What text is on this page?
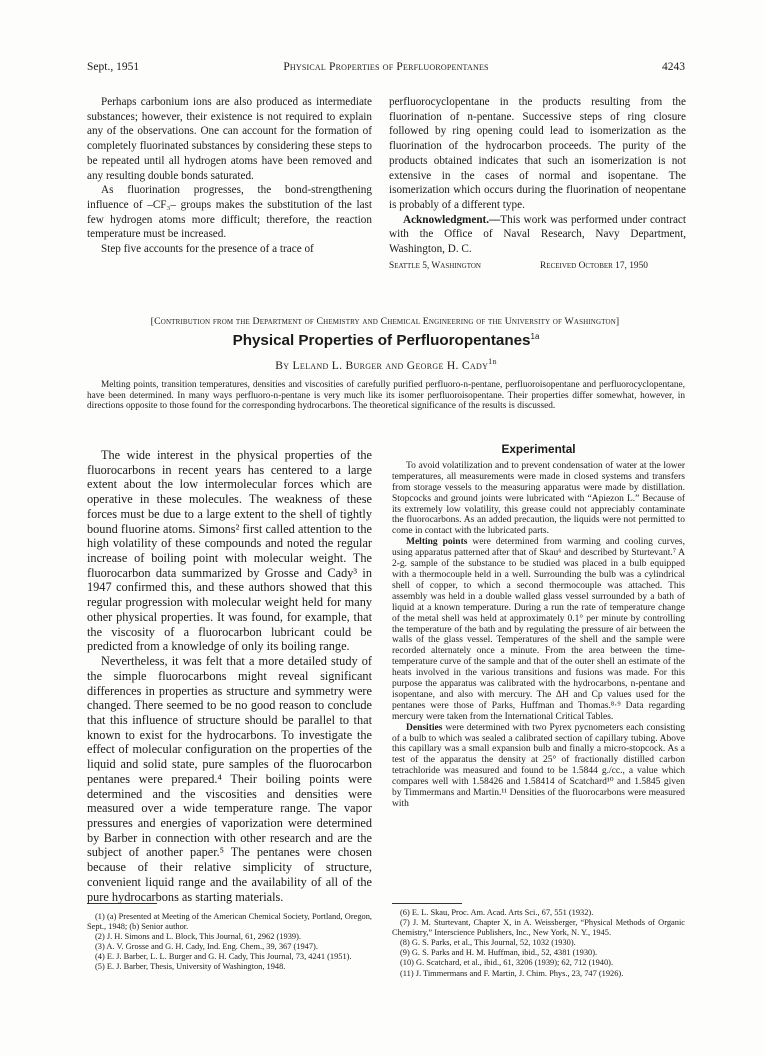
Sept., 1951	Physical Properties of Perfluoropentanes	4243

Perhaps carbonium ions are also produced as intermediate substances; however, their existence is not required to explain any of the observations. One can account for the formation of completely fluorinated substances by considering these steps to be repeated until all hydrogen atoms have been removed and any resulting double bonds saturated.

As fluorination progresses, the bond-strengthening influence of –CF₃– groups makes the substitution of the last few hydrogen atoms more difficult; therefore, the reaction temperature must be increased.

Step five accounts for the presence of a trace of

perfluorocyclopentane in the products resulting from the fluorination of n-pentane. Successive steps of ring closure followed by ring opening could lead to isomerization as the fluorination of the hydrocarbon proceeds. The purity of the products obtained indicates that such an isomerization is not extensive in the cases of normal and isopentane. The isomerization which occurs during the fluorination of neopentane is probably of a different type.

Acknowledgment.—This work was performed under contract with the Office of Naval Research, Navy Department, Washington, D. C.

Seattle 5, Washington	Received October 17, 1950
[Contribution from the Department of Chemistry and Chemical Engineering of the University of Washington]
Physical Properties of Perfluoropentanes$^{1a}$
By Leland L. Burger and George H. Cady$^{1b}$
Melting points, transition temperatures, densities and viscosities of carefully purified perfluoro-n-pentane, perfluoroisopentane and perfluorocyclopentane, have been determined. In many ways perfluoro-n-pentane is very much like its isomer perfluoroisopentane. Their properties differ somewhat, however, in directions opposite to those found for the corresponding hydrocarbons. The theoretical significance of the results is discussed.

The wide interest in the physical properties of the fluorocarbons in recent years has centered to a large extent about the low intermolecular forces which are operative in these molecules. The weakness of these forces must be due to a large extent to the shell of tightly bound fluorine atoms. Simons² first called attention to the high volatility of these compounds and noted the regular increase of boiling point with molecular weight. The fluorocarbon data summarized by Grosse and Cady³ in 1947 confirmed this, and these authors showed that this regular progression with molecular weight held for many other physical properties. It was found, for example, that the viscosity of a fluorocarbon lubricant could be predicted from a knowledge of only its boiling range.

Nevertheless, it was felt that a more detailed study of the simple fluorocarbons might reveal significant differences in properties as structure and symmetry were changed. There seemed to be no good reason to conclude that this influence of structure should be parallel to that known to exist for the hydrocarbons. To investigate the effect of molecular configuration on the properties of the liquid and solid state, pure samples of the fluorocarbon pentanes were prepared.⁴ Their boiling points were determined and the viscosities and densities were measured over a wide temperature range. The vapor pressures and energies of vaporization were determined by Barber in connection with other research and are the subject of another paper.⁵ The pentanes were chosen because of their relative simplicity of structure, convenient liquid range and the availability of all of the pure hydrocarbons as starting materials.

Experimental

To avoid volatilization and to prevent condensation of water at the lower temperatures, all measurements were made in closed systems and transfers from storage vessels to the measuring apparatus were made by distillation. Stopcocks and ground joints were lubricated with “Apiezon L.” Because of its extremely low volatility, this grease could not appreciably contaminate the fluorocarbons. As an added precaution, the liquids were not permitted to come in contact with the lubricated parts.

Melting points were determined from warming and cooling curves, using apparatus patterned after that of Skau⁶ and described by Sturtevant.⁷ A 2-g. sample of the substance to be studied was placed in a bulb equipped with a thermocouple held in a well. Surrounding the bulb was a cylindrical shell of copper, to which a second thermocouple was attached. This assembly was held in a double walled glass vessel surrounded by a bath of liquid at a known temperature. During a run the rate of temperature change of the metal shell was held at approximately 0.1° per minute by controlling the temperature of the bath and by regulating the pressure of air between the walls of the glass vessel. Temperatures of the shell and the sample were recorded alternately once a minute. From the area between the time-temperature curve of the sample and that of the outer shell an estimate of the heats involved in the various transitions and fusions was made. For this purpose the apparatus was calibrated with the hydrocarbons, n-pentane and isopentane, and also with mercury. The ΔH and Cp values used for the pentanes were those of Parks, Huffman and Thomas.⁸·⁹ Data regarding mercury were taken from the International Critical Tables.

Densities were determined with two Pyrex pycnometers each consisting of a bulb to which was sealed a calibrated section of capillary tubing. Above this capillary was a small expansion bulb and finally a micro-stopcock. As a test of the apparatus the density at 25° of fractionally distilled carbon tetrachloride was measured and found to be 1.5844 g./cc., a value which compares well with 1.58426 and 1.58414 of Scatchard¹⁰ and 1.5845 given by Timmermans and Martin.¹¹ Densities of the fluorocarbons were measured with

(1) (a) Presented at Meeting of the American Chemical Society, Portland, Oregon, Sept., 1948; (b) Senior author.
(2) J. H. Simons and L. Block, This Journal, 61, 2962 (1939).
(3) A. V. Grosse and G. H. Cady, Ind. Eng. Chem., 39, 367 (1947).
(4) E. J. Barber, L. L. Burger and G. H. Cady, This Journal, 73, 4241 (1951).
(5) E. J. Barber, Thesis, University of Washington, 1948.
(6) E. L. Skau, Proc. Am. Acad. Arts Sci., 67, 551 (1932).
(7) J. M. Sturtevant, Chapter X, in A. Weissberger, “Physical Methods of Organic Chemistry,” Interscience Publishers, Inc., New York, N. Y., 1945.
(8) G. S. Parks, et al., This Journal, 52, 1032 (1930).
(9) G. S. Parks and H. M. Huffman, ibid., 52, 4381 (1930).
(10) G. Scatchard, et al., ibid., 61, 3206 (1939); 62, 712 (1940).
(11) J. Timmermans and F. Martin, J. Chim. Phys., 23, 747 (1926).
